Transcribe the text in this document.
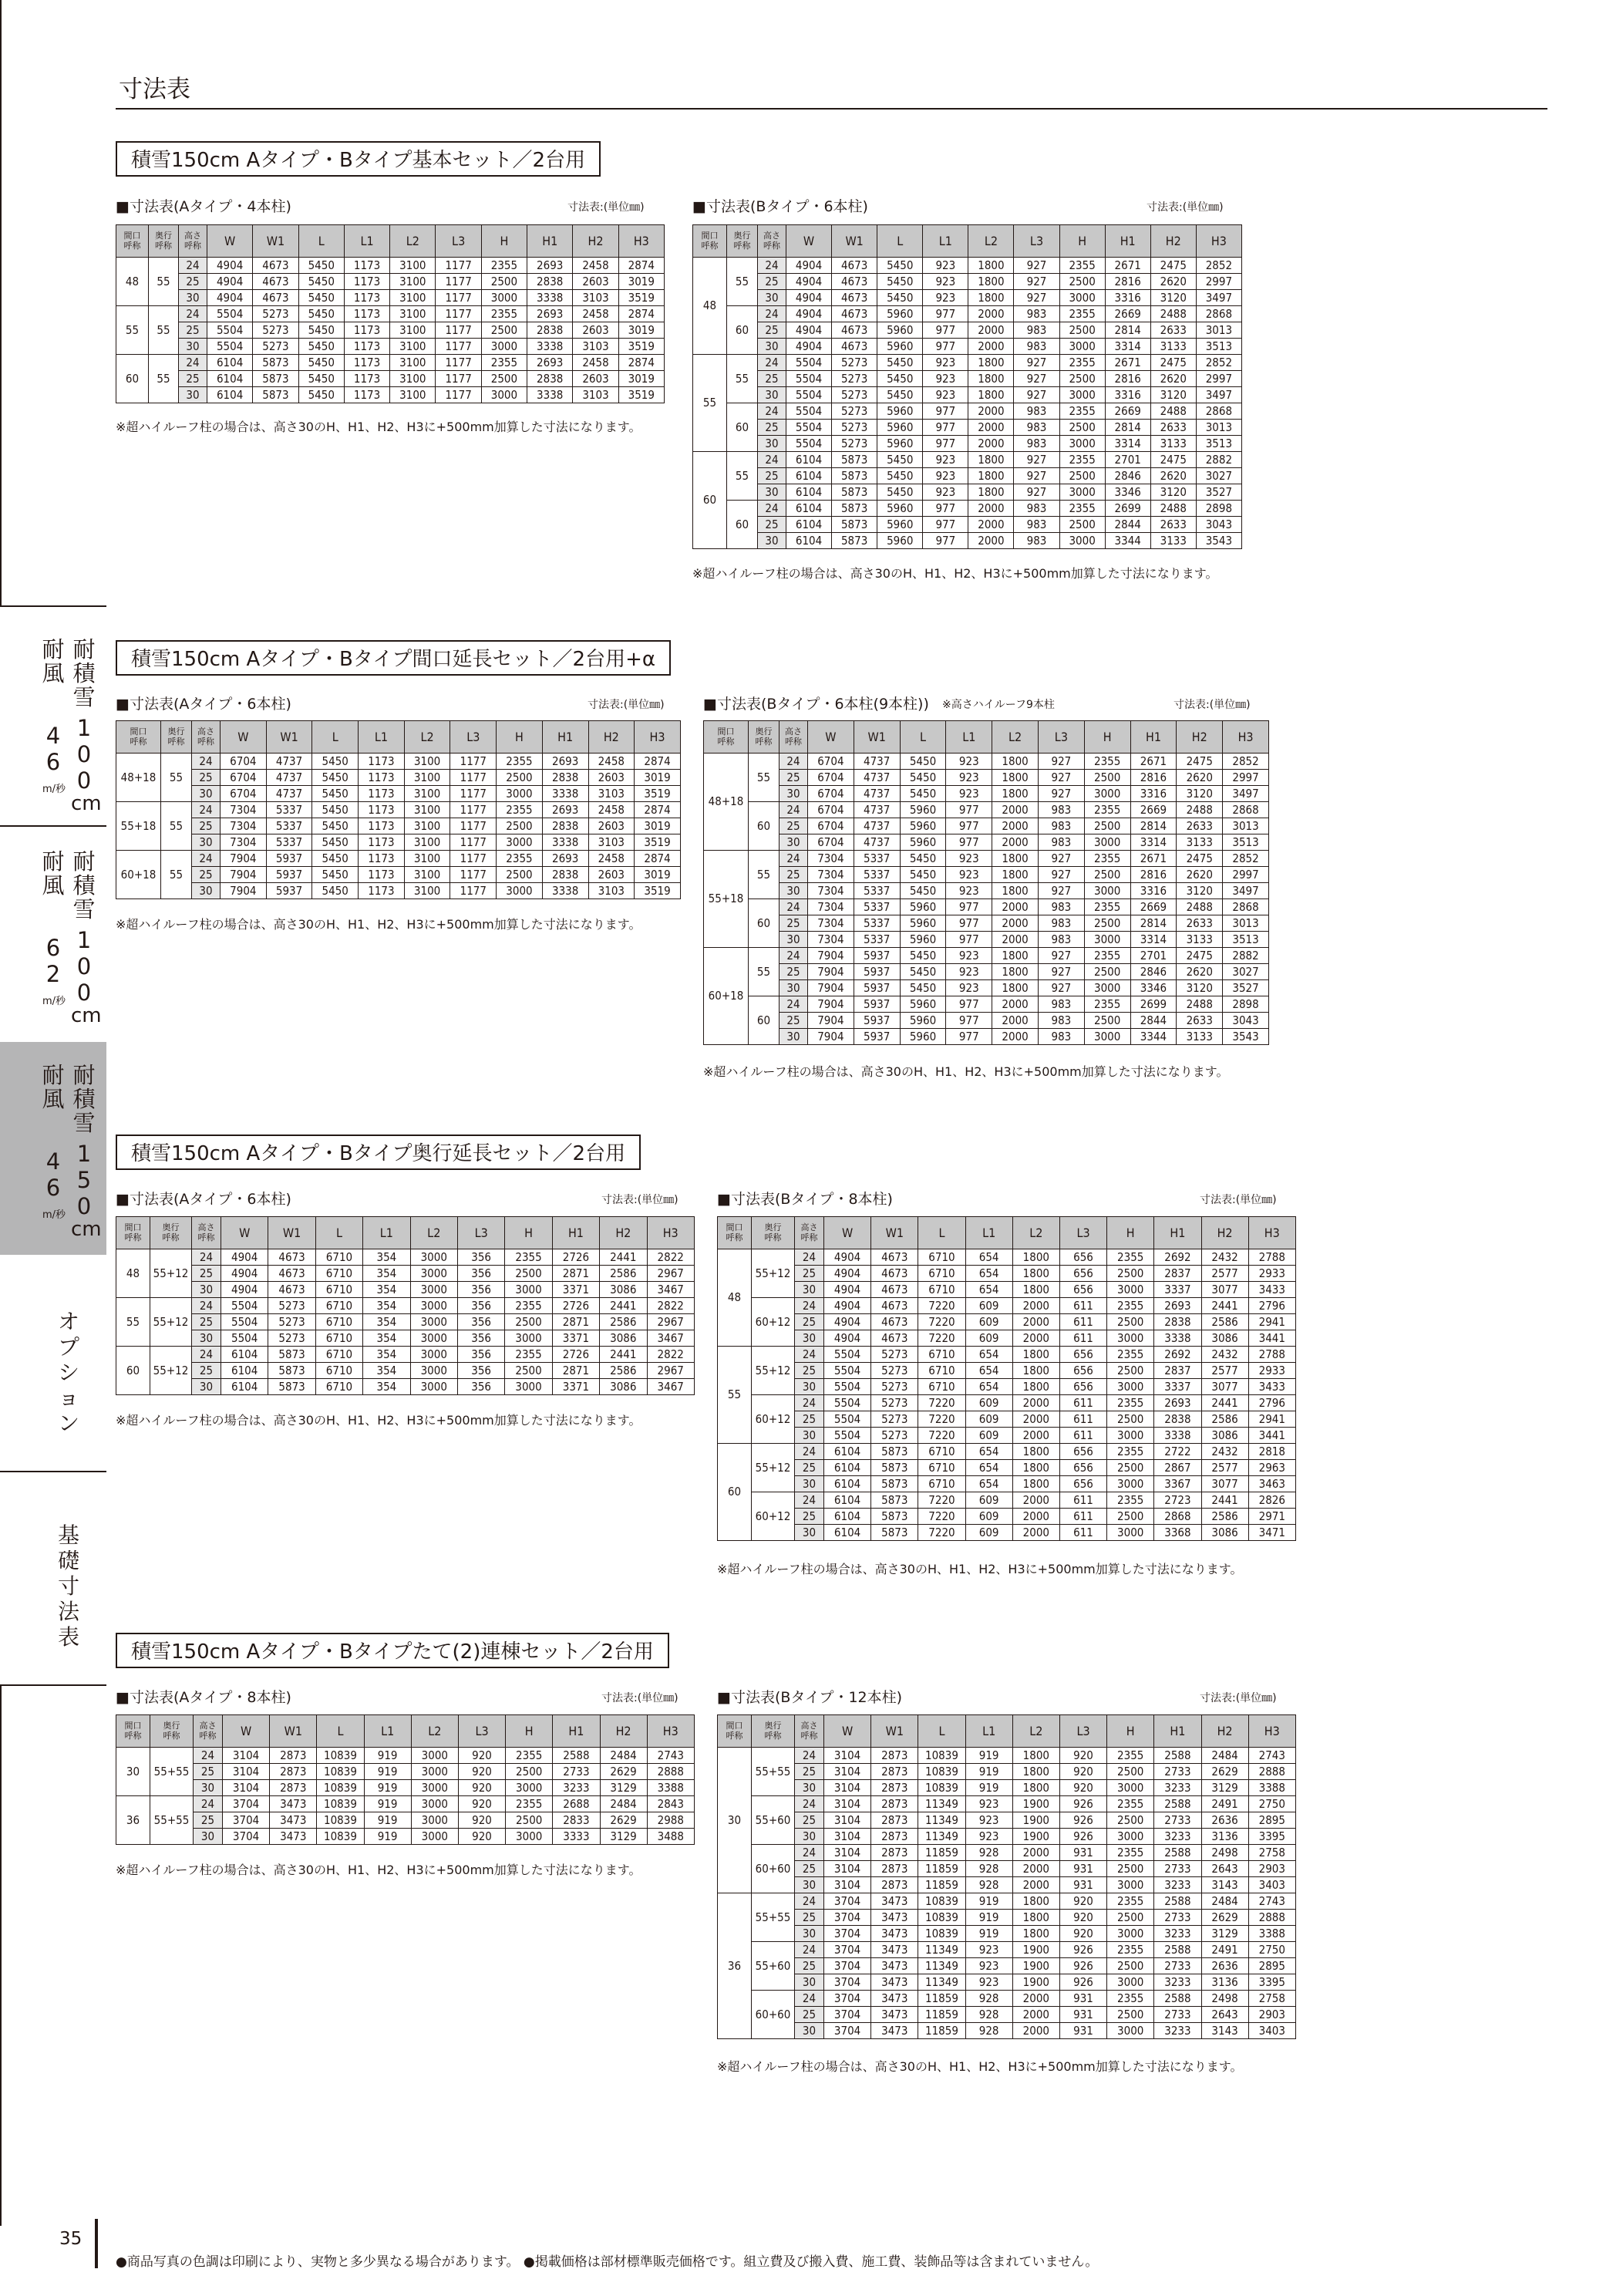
寸法表
耐
風
耐
積
雪
1
0
0
cm
4
6
m/秒
耐
風
耐
積
雪
1
0
0
cm
6
2
m/秒
耐
風
耐
積
雪
1
5
0
cm
4
6
m/秒
オ
プ
シ
ョ
ン
基
礎
寸
法
表
積雪150cm Aタイプ・Bタイプ基本セット／2台用
■寸法表(Aタイプ・4本柱)	寸法表:(単位㎜)
間口
呼称	奥行
呼称	高さ
呼称	W	W1	L	L1	L2	L3	H	H1	H2	H3
48	55	24	4904	4673	5450	1173	3100	1177	2355	2693	2458	2874
		25	4904	4673	5450	1173	3100	1177	2500	2838	2603	3019
		30	4904	4673	5450	1173	3100	1177	3000	3338	3103	3519
55	55	24	5504	5273	5450	1173	3100	1177	2355	2693	2458	2874
		25	5504	5273	5450	1173	3100	1177	2500	2838	2603	3019
		30	5504	5273	5450	1173	3100	1177	3000	3338	3103	3519
60	55	24	6104	5873	5450	1173	3100	1177	2355	2693	2458	2874
		25	6104	5873	5450	1173	3100	1177	2500	2838	2603	3019
		30	6104	5873	5450	1173	3100	1177	3000	3338	3103	3519
※超ハイルーフ柱の場合は、高さ30のH、H1、H2、H3に+500mm加算した寸法になります。
■寸法表(Bタイプ・6本柱)	寸法表:(単位㎜)
間口
呼称	奥行
呼称	高さ
呼称	W	W1	L	L1	L2	L3	H	H1	H2	H3
48	55	24	4904	4673	5450	923	1800	927	2355	2671	2475	2852
		25	4904	4673	5450	923	1800	927	2500	2816	2620	2997
		30	4904	4673	5450	923	1800	927	3000	3316	3120	3497
	60	24	4904	4673	5960	977	2000	983	2355	2669	2488	2868
		25	4904	4673	5960	977	2000	983	2500	2814	2633	3013
		30	4904	4673	5960	977	2000	983	3000	3314	3133	3513
55	55	24	5504	5273	5450	923	1800	927	2355	2671	2475	2852
		25	5504	5273	5450	923	1800	927	2500	2816	2620	2997
		30	5504	5273	5450	923	1800	927	3000	3316	3120	3497
	60	24	5504	5273	5960	977	2000	983	2355	2669	2488	2868
		25	5504	5273	5960	977	2000	983	2500	2814	2633	3013
		30	5504	5273	5960	977	2000	983	3000	3314	3133	3513
60	55	24	6104	5873	5450	923	1800	927	2355	2701	2475	2882
		25	6104	5873	5450	923	1800	927	2500	2846	2620	3027
		30	6104	5873	5450	923	1800	927	3000	3346	3120	3527
	60	24	6104	5873	5960	977	2000	983	2355	2699	2488	2898
		25	6104	5873	5960	977	2000	983	2500	2844	2633	3043
		30	6104	5873	5960	977	2000	983	3000	3344	3133	3543
※超ハイルーフ柱の場合は、高さ30のH、H1、H2、H3に+500mm加算した寸法になります。
積雪150cm Aタイプ・Bタイプ間口延長セット／2台用+α
■寸法表(Aタイプ・6本柱)	寸法表:(単位㎜)
間口
呼称	奥行
呼称	高さ
呼称	W	W1	L	L1	L2	L3	H	H1	H2	H3
48+18	55	24	6704	4737	5450	1173	3100	1177	2355	2693	2458	2874
		25	6704	4737	5450	1173	3100	1177	2500	2838	2603	3019
		30	6704	4737	5450	1173	3100	1177	3000	3338	3103	3519
55+18	55	24	7304	5337	5450	1173	3100	1177	2355	2693	2458	2874
		25	7304	5337	5450	1173	3100	1177	2500	2838	2603	3019
		30	7304	5337	5450	1173	3100	1177	3000	3338	3103	3519
60+18	55	24	7904	5937	5450	1173	3100	1177	2355	2693	2458	2874
		25	7904	5937	5450	1173	3100	1177	2500	2838	2603	3019
		30	7904	5937	5450	1173	3100	1177	3000	3338	3103	3519
※超ハイルーフ柱の場合は、高さ30のH、H1、H2、H3に+500mm加算した寸法になります。
■寸法表(Bタイプ・6本柱(9本柱)) ※高さハイルーフ9本柱	寸法表:(単位㎜)
間口
呼称	奥行
呼称	高さ
呼称	W	W1	L	L1	L2	L3	H	H1	H2	H3
48+18	55	24	6704	4737	5450	923	1800	927	2355	2671	2475	2852
		25	6704	4737	5450	923	1800	927	2500	2816	2620	2997
		30	6704	4737	5450	923	1800	927	3000	3316	3120	3497
	60	24	6704	4737	5960	977	2000	983	2355	2669	2488	2868
		25	6704	4737	5960	977	2000	983	2500	2814	2633	3013
		30	6704	4737	5960	977	2000	983	3000	3314	3133	3513
55+18	55	24	7304	5337	5450	923	1800	927	2355	2671	2475	2852
		25	7304	5337	5450	923	1800	927	2500	2816	2620	2997
		30	7304	5337	5450	923	1800	927	3000	3316	3120	3497
	60	24	7304	5337	5960	977	2000	983	2355	2669	2488	2868
		25	7304	5337	5960	977	2000	983	2500	2814	2633	3013
		30	7304	5337	5960	977	2000	983	3000	3314	3133	3513
60+18	55	24	7904	5937	5450	923	1800	927	2355	2701	2475	2882
		25	7904	5937	5450	923	1800	927	2500	2846	2620	3027
		30	7904	5937	5450	923	1800	927	3000	3346	3120	3527
	60	24	7904	5937	5960	977	2000	983	2355	2699	2488	2898
		25	7904	5937	5960	977	2000	983	2500	2844	2633	3043
		30	7904	5937	5960	977	2000	983	3000	3344	3133	3543
※超ハイルーフ柱の場合は、高さ30のH、H1、H2、H3に+500mm加算した寸法になります。
積雪150cm Aタイプ・Bタイプ奥行延長セット／2台用
■寸法表(Aタイプ・6本柱)	寸法表:(単位㎜)
間口
呼称	奥行
呼称	高さ
呼称	W	W1	L	L1	L2	L3	H	H1	H2	H3
48	55+12	24	4904	4673	6710	354	3000	356	2355	2726	2441	2822
		25	4904	4673	6710	354	3000	356	2500	2871	2586	2967
		30	4904	4673	6710	354	3000	356	3000	3371	3086	3467
55	55+12	24	5504	5273	6710	354	3000	356	2355	2726	2441	2822
		25	5504	5273	6710	354	3000	356	2500	2871	2586	2967
		30	5504	5273	6710	354	3000	356	3000	3371	3086	3467
60	55+12	24	6104	5873	6710	354	3000	356	2355	2726	2441	2822
		25	6104	5873	6710	354	3000	356	2500	2871	2586	2967
		30	6104	5873	6710	354	3000	356	3000	3371	3086	3467
※超ハイルーフ柱の場合は、高さ30のH、H1、H2、H3に+500mm加算した寸法になります。
■寸法表(Bタイプ・8本柱)	寸法表:(単位㎜)
間口
呼称	奥行
呼称	高さ
呼称	W	W1	L	L1	L2	L3	H	H1	H2	H3
48	55+12	24	4904	4673	6710	654	1800	656	2355	2692	2432	2788
		25	4904	4673	6710	654	1800	656	2500	2837	2577	2933
		30	4904	4673	6710	654	1800	656	3000	3337	3077	3433
	60+12	24	4904	4673	7220	609	2000	611	2355	2693	2441	2796
		25	4904	4673	7220	609	2000	611	2500	2838	2586	2941
		30	4904	4673	7220	609	2000	611	3000	3338	3086	3441
55	55+12	24	5504	5273	6710	654	1800	656	2355	2692	2432	2788
		25	5504	5273	6710	654	1800	656	2500	2837	2577	2933
		30	5504	5273	6710	654	1800	656	3000	3337	3077	3433
	60+12	24	5504	5273	7220	609	2000	611	2355	2693	2441	2796
		25	5504	5273	7220	609	2000	611	2500	2838	2586	2941
		30	5504	5273	7220	609	2000	611	3000	3338	3086	3441
60	55+12	24	6104	5873	6710	654	1800	656	2355	2722	2432	2818
		25	6104	5873	6710	654	1800	656	2500	2867	2577	2963
		30	6104	5873	6710	654	1800	656	3000	3367	3077	3463
	60+12	24	6104	5873	7220	609	2000	611	2355	2723	2441	2826
		25	6104	5873	7220	609	2000	611	2500	2868	2586	2971
		30	6104	5873	7220	609	2000	611	3000	3368	3086	3471
※超ハイルーフ柱の場合は、高さ30のH、H1、H2、H3に+500mm加算した寸法になります。
積雪150cm Aタイプ・Bタイプたて(2)連棟セット／2台用
■寸法表(Aタイプ・8本柱)	寸法表:(単位㎜)
間口
呼称	奥行
呼称	高さ
呼称	W	W1	L	L1	L2	L3	H	H1	H2	H3
30	55+55	24	3104	2873	10839	919	3000	920	2355	2588	2484	2743
		25	3104	2873	10839	919	3000	920	2500	2733	2629	2888
		30	3104	2873	10839	919	3000	920	3000	3233	3129	3388
36	55+55	24	3704	3473	10839	919	3000	920	2355	2688	2484	2843
		25	3704	3473	10839	919	3000	920	2500	2833	2629	2988
		30	3704	3473	10839	919	3000	920	3000	3333	3129	3488
※超ハイルーフ柱の場合は、高さ30のH、H1、H2、H3に+500mm加算した寸法になります。
■寸法表(Bタイプ・12本柱)	寸法表:(単位㎜)
間口
呼称	奥行
呼称	高さ
呼称	W	W1	L	L1	L2	L3	H	H1	H2	H3
30	55+55	24	3104	2873	10839	919	1800	920	2355	2588	2484	2743
		25	3104	2873	10839	919	1800	920	2500	2733	2629	2888
		30	3104	2873	10839	919	1800	920	3000	3233	3129	3388
	55+60	24	3104	2873	11349	923	1900	926	2355	2588	2491	2750
		25	3104	2873	11349	923	1900	926	2500	2733	2636	2895
		30	3104	2873	11349	923	1900	926	3000	3233	3136	3395
	60+60	24	3104	2873	11859	928	2000	931	2355	2588	2498	2758
		25	3104	2873	11859	928	2000	931	2500	2733	2643	2903
		30	3104	2873	11859	928	2000	931	3000	3233	3143	3403
36	55+55	24	3704	3473	10839	919	1800	920	2355	2588	2484	2743
		25	3704	3473	10839	919	1800	920	2500	2733	2629	2888
		30	3704	3473	10839	919	1800	920	3000	3233	3129	3388
	55+60	24	3704	3473	11349	923	1900	926	2355	2588	2491	2750
		25	3704	3473	11349	923	1900	926	2500	2733	2636	2895
		30	3704	3473	11349	923	1900	926	3000	3233	3136	3395
	60+60	24	3704	3473	11859	928	2000	931	2355	2588	2498	2758
		25	3704	3473	11859	928	2000	931	2500	2733	2643	2903
		30	3704	3473	11859	928	2000	931	3000	3233	3143	3403
※超ハイルーフ柱の場合は、高さ30のH、H1、H2、H3に+500mm加算した寸法になります。
35
●商品写真の色調は印刷により、実物と多少異なる場合があります。 ●掲載価格は部材標準販売価格です。組立費及び搬入費、施工費、装飾品等は含まれていません。
